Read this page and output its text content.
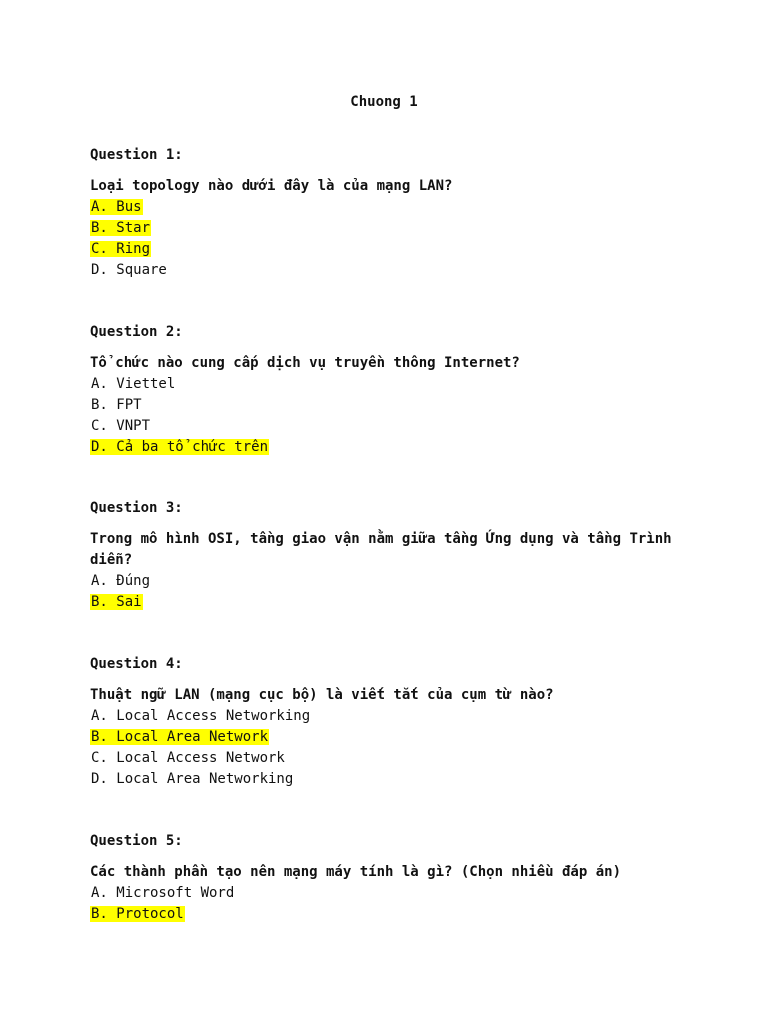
Chuong 1
Question 1:
Loại topology nào dưới đây là của mạng LAN?
A. Bus
B. Star
C. Ring
D. Square
Question 2:
Tổ chức nào cung cấp dịch vụ truyền thông Internet?
A. Viettel
B. FPT
C. VNPT
D. Cả ba tổ chức trên
Question 3:
Trong mô hình OSI, tầng giao vận nằm giữa tầng Ứng dụng và tầng Trình diễn?
A. Đúng
B. Sai
Question 4:
Thuật ngữ LAN (mạng cục bộ) là viết tắt của cụm từ nào?
A. Local Access Networking
B. Local Area Network
C. Local Access Network
D. Local Area Networking
Question 5:
Các thành phần tạo nên mạng máy tính là gì? (Chọn nhiều đáp án)
A. Microsoft Word
B. Protocol
